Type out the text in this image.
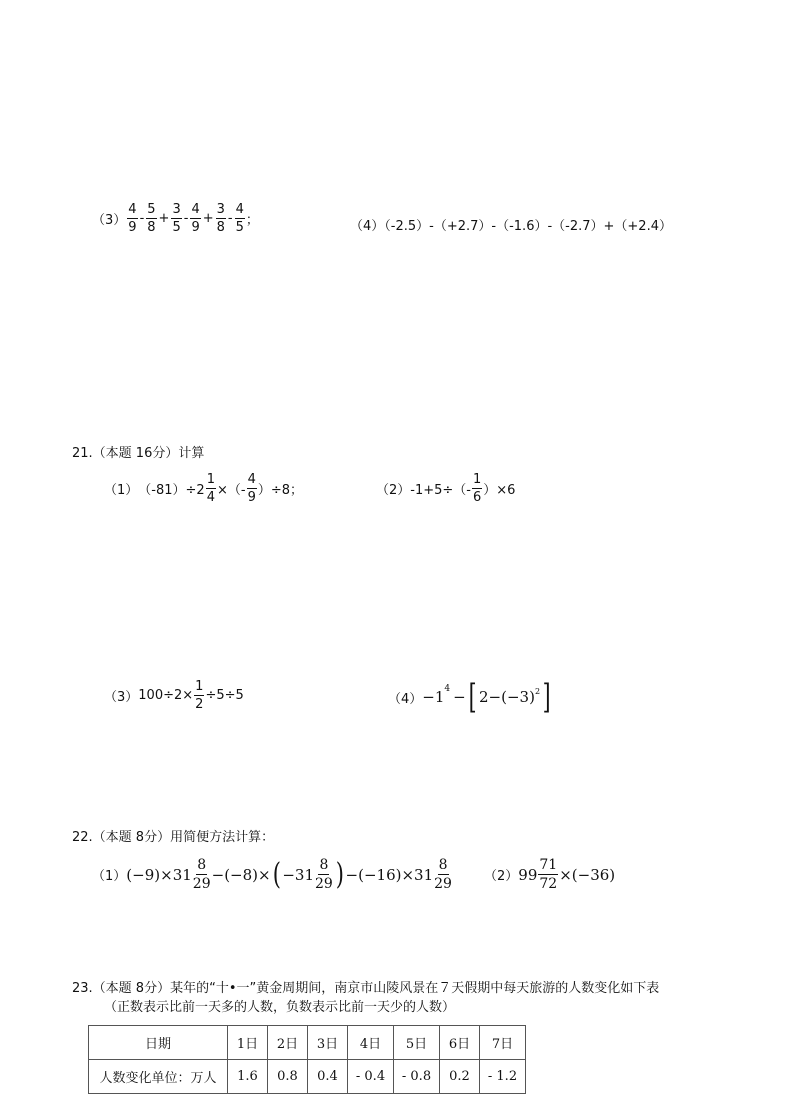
$(3) \frac{4}{9} - \frac{5}{8} + \frac{3}{5} - \frac{4}{9} + \frac{3}{8} - \frac{4}{5}$ ；	（4）（-2.5）-（+2.7）-（-1.6）-（-2.7）+（+2.4）
21.（本题 16分）计算
（1） $(-81)\div 2 \frac{1}{4}$ ×（- $\frac{4}{9} )\div 8$；	（2） $-1+5\div(- \frac{1}{6} )\times 6$
（3） $100\div 2\times \frac{1}{2} \div 5\div 5$	（4） −1 4 − [ 2− ( −3 ) 2 ]
22.（本题 8分）用简便方法计算：
（1） ( −9 ) $\times 31 \frac{8}{29}$ − ( −8 ) × ( $-31 \frac{8}{29}$ ) − ( −16 ) $\times 31 \frac{8}{29} (2)$ $99 \frac{71}{72}$ × ( −36 )
23.（本题 8分）某年的“十•一”黄金周期间，南京市山陵风景在７天假期中每天旅游的人数变化如下表
（正数表示比前一天多的人数，负数表示比前一天少的人数）
日期	1日	2日	3日	4日	5日	6日	7日
人数变化单位：万人	1.6	0.8	0.4	- 0.4	- 0.8	0.2	- 1.2
